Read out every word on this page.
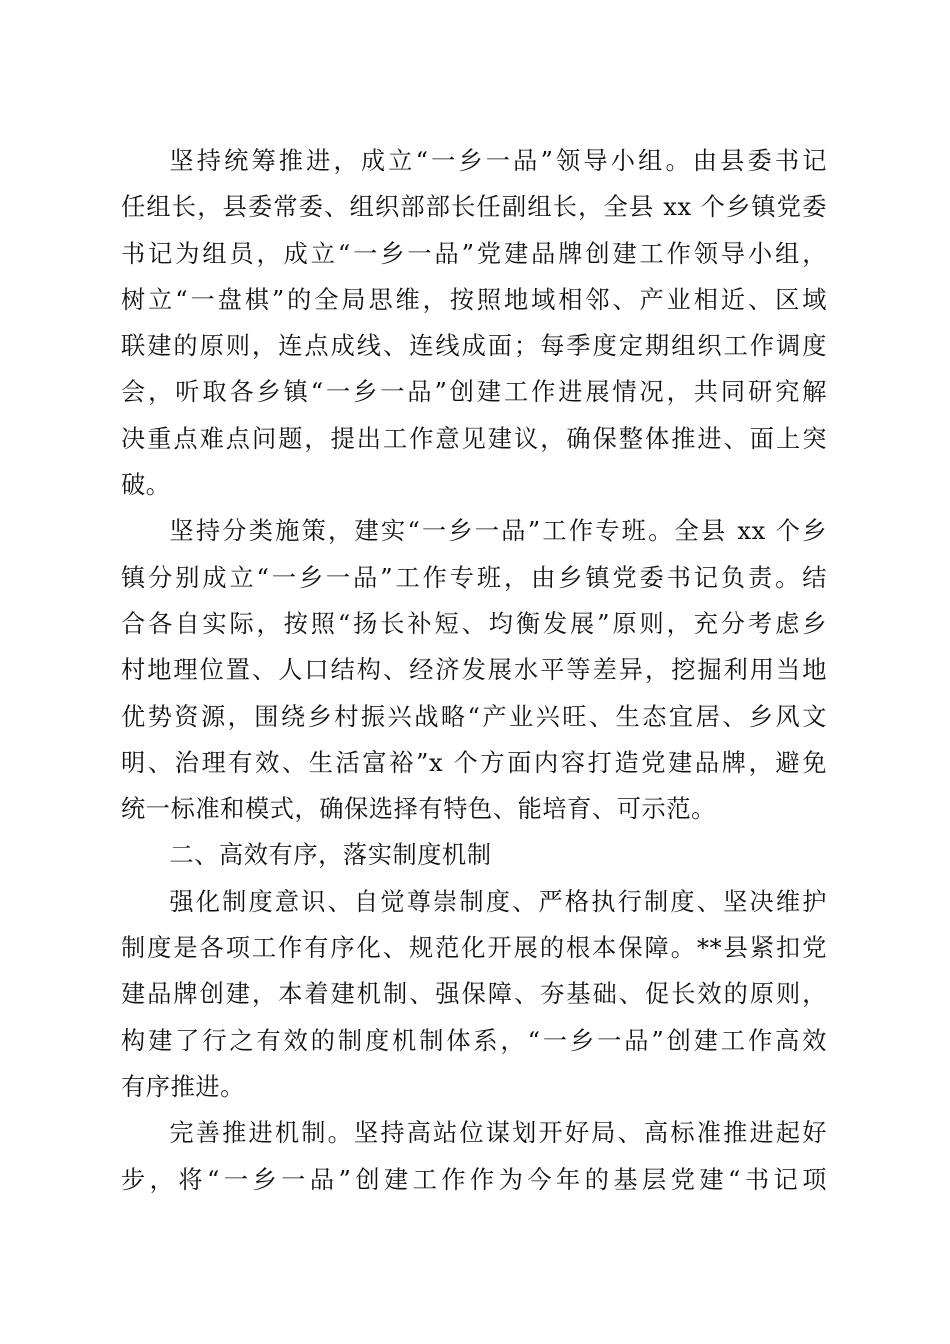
坚持统筹推进，成立“一乡一品”领导小组。由县委书记
任组长，县委常委、组织部部长任副组长，全县 xx 个乡镇党委
书记为组员，成立“一乡一品”党建品牌创建工作领导小组，
树立“一盘棋”的全局思维，按照地域相邻、产业相近、区域
联建的原则，连点成线、连线成面；每季度定期组织工作调度
会，听取各乡镇“一乡一品”创建工作进展情况，共同研究解
决重点难点问题，提出工作意见建议，确保整体推进、面上突
破。
坚持分类施策，建实“一乡一品”工作专班。全县 xx 个乡
镇分别成立“一乡一品”工作专班，由乡镇党委书记负责。结
合各自实际，按照“扬长补短、均衡发展”原则，充分考虑乡
村地理位置、人口结构、经济发展水平等差异，挖掘利用当地
优势资源，围绕乡村振兴战略“产业兴旺、生态宜居、乡风文
明、治理有效、生活富裕”x 个方面内容打造党建品牌，避免
统一标准和模式，确保选择有特色、能培育、可示范。
二、高效有序，落实制度机制
强化制度意识、自觉尊崇制度、严格执行制度、坚决维护
制度是各项工作有序化、规范化开展的根本保障。**县紧扣党
建品牌创建，本着建机制、强保障、夯基础、促长效的原则，
构建了行之有效的制度机制体系，“一乡一品”创建工作高效
有序推进。
完善推进机制。坚持高站位谋划开好局、高标准推进起好
步，将“一乡一品”创建工作作为今年的基层党建“书记项
